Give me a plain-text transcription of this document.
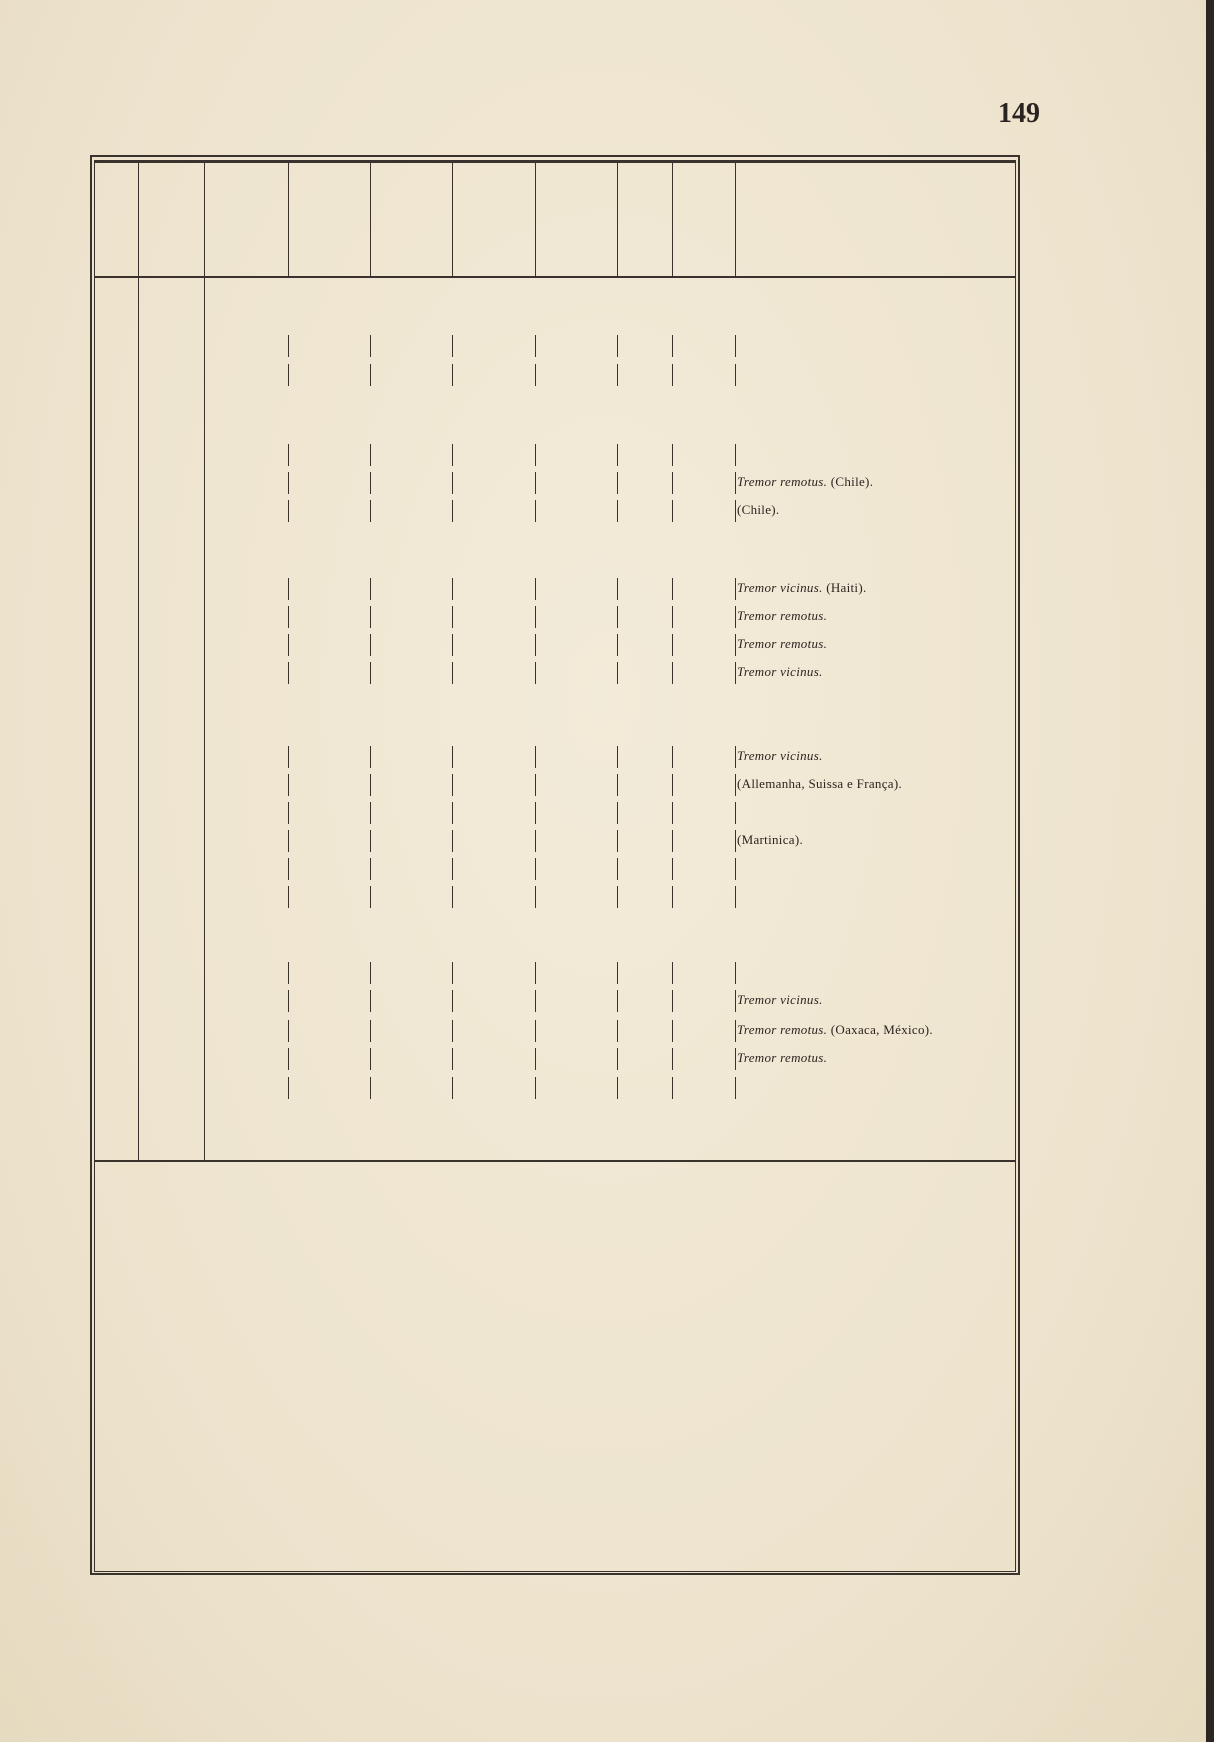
149
Tremor remotus. (Chile).
(Chile).
Tremor vicinus. (Haiti).
Tremor remotus.
Tremor remotus.
Tremor vicinus.
Tremor vicinus.
(Allemanha, Suissa e França).
(Martinica).
Tremor vicinus.
Tremor remotus. (Oaxaca, México).
Tremor remotus.
